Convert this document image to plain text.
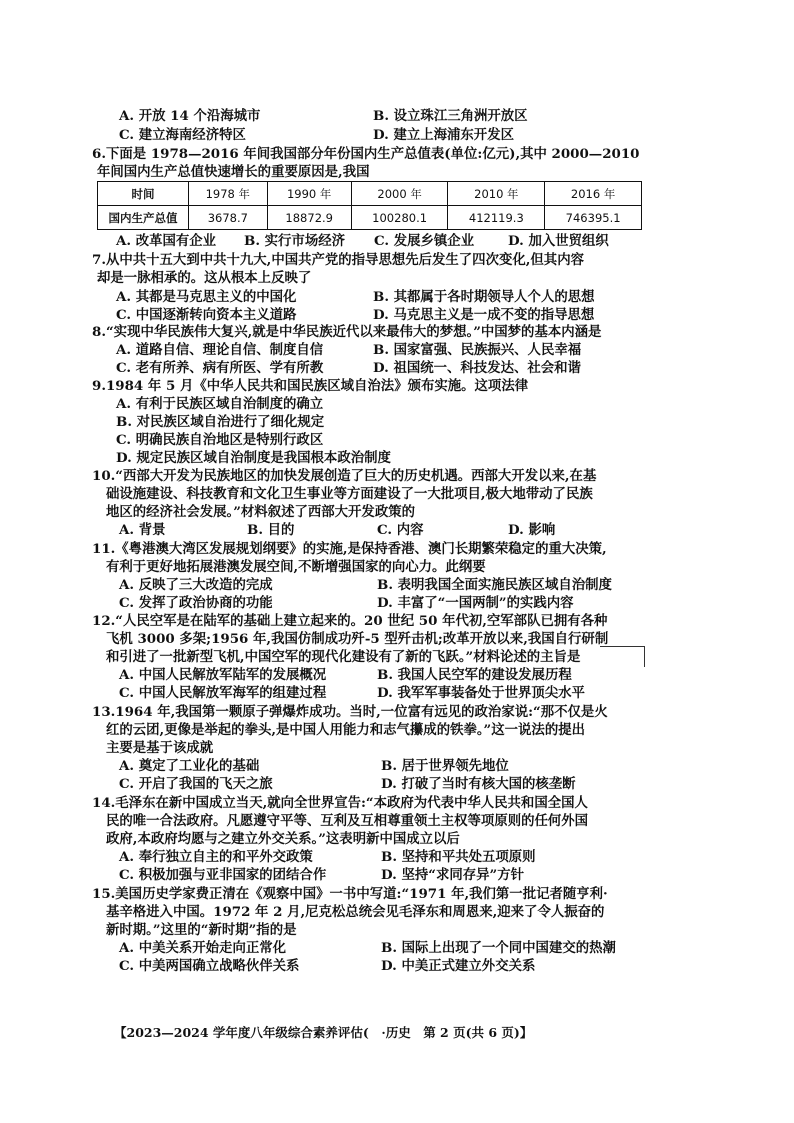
A. 开放 14 个沿海城市	B. 设立珠江三角洲开放区
C. 建立海南经济特区	D. 建立上海浦东开发区
6.下面是 1978—2016 年间我国部分年份国内生产总值表(单位:亿元),其中 2000—2010
年间国内生产总值快速增长的重要原因是,我国
时间	1978 年	1990 年	2000 年	2010 年	2016 年
国内生产总值	3678.7	18872.9	100280.1	412119.3	746395.1
A. 改革国有企业 B. 实行市场经济 C. 发展乡镇企业	D. 加入世贸组织
7.从中共十五大到中共十九大,中国共产党的指导思想先后发生了四次变化,但其内容
却是一脉相承的。这从根本上反映了
A. 其都是马克思主义的中国化	B. 其都属于各时期领导人个人的思想
C. 中国逐渐转向资本主义道路	D. 马克思主义是一成不变的指导思想
8.“实现中华民族伟大复兴,就是中华民族近代以来最伟大的梦想。”中国梦的基本内涵是
A. 道路自信、理论自信、制度自信	B. 国家富强、民族振兴、人民幸福
C. 老有所养、病有所医、学有所教	D. 祖国统一、科技发达、社会和谐
9.1984 年 5 月《中华人民共和国民族区域自治法》颁布实施。这项法律
A. 有利于民族区域自治制度的确立
B. 对民族区域自治进行了细化规定
C. 明确民族自治地区是特别行政区
D. 规定民族区域自治制度是我国根本政治制度
10.“西部大开发为民族地区的加快发展创造了巨大的历史机遇。西部大开发以来,在基
础设施建设、科技教育和文化卫生事业等方面建设了一大批项目,极大地带动了民族
地区的经济社会发展。”材料叙述了西部大开发政策的
A. 背景	B. 目的	C. 内容	D. 影响
11.《粤港澳大湾区发展规划纲要》的实施,是保持香港、澳门长期繁荣稳定的重大决策,
有利于更好地拓展港澳发展空间,不断增强国家的向心力。此纲要
A. 反映了三大改造的完成	B. 表明我国全面实施民族区域自治制度
C. 发挥了政治协商的功能	D. 丰富了“一国两制”的实践内容
12.“人民空军是在陆军的基础上建立起来的。20 世纪 50 年代初,空军部队已拥有各种
飞机 3000 多架;1956 年,我国仿制成功歼-5 型歼击机;改革开放以来,我国自行研制
和引进了一批新型飞机,中国空军的现代化建设有了新的飞跃。”材料论述的主旨是
A. 中国人民解放军陆军的发展概况	B. 我国人民空军的建设发展历程
C. 中国人民解放军海军的组建过程	D. 我军军事装备处于世界顶尖水平
13.1964 年,我国第一颗原子弹爆炸成功。当时,一位富有远见的政治家说:“那不仅是火
红的云团,更像是举起的拳头,是中国人用能力和志气攥成的铁拳。”这一说法的提出
主要是基于该成就
A. 奠定了工业化的基础	B. 居于世界领先地位
C. 开启了我国的飞天之旅	D. 打破了当时有核大国的核垄断
14.毛泽东在新中国成立当天,就向全世界宣告:“本政府为代表中华人民共和国全国人
民的唯一合法政府。凡愿遵守平等、互利及互相尊重领土主权等项原则的任何外国
政府,本政府均愿与之建立外交关系。”这表明新中国成立以后
A. 奉行独立自主的和平外交政策	B. 坚持和平共处五项原则
C. 积极加强与亚非国家的团结合作	D. 坚持“求同存异”方针
15.美国历史学家费正清在《观察中国》一书中写道:“1971 年,我们第一批记者随亨利·
基辛格进入中国。1972 年 2 月,尼克松总统会见毛泽东和周恩来,迎来了令人振奋的
新时期。”这里的“新时期”指的是
A. 中美关系开始走向正常化	B. 国际上出现了一个同中国建交的热潮
C. 中美两国确立战略伙伴关系	D. 中美正式建立外交关系
【2023—2024 学年度八年级综合素养评估(　·历史　第 2 页(共 6 页)】
